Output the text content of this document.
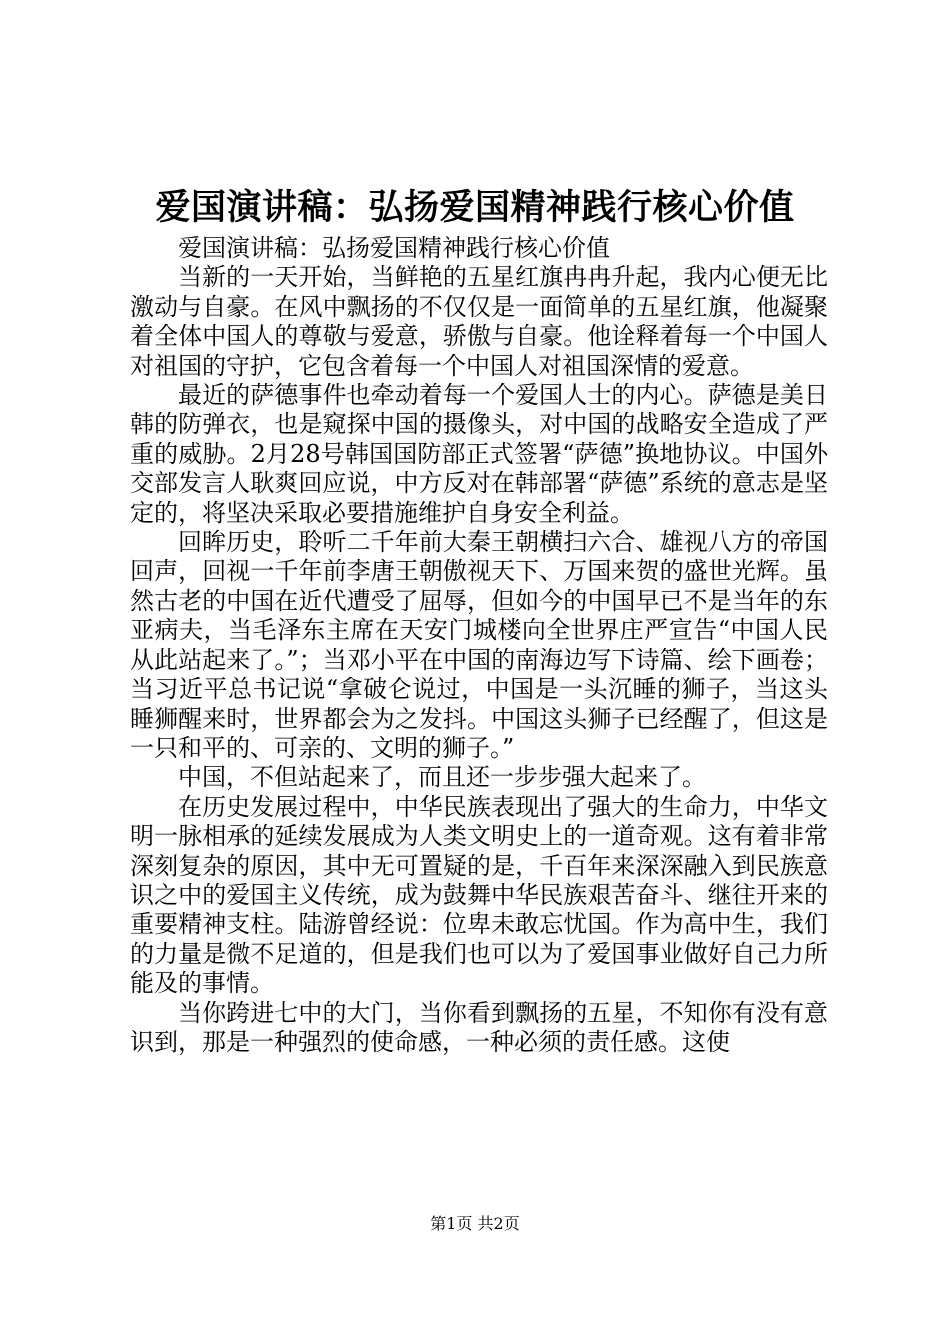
爱国演讲稿：弘扬爱国精神践行核心价值

爱国演讲稿：弘扬爱国精神践行核心价值

当新的一天开始，当鲜艳的五星红旗冉冉升起，我内心便无比激动与自豪。在风中飘扬的不仅仅是一面简单的五星红旗，他凝聚着全体中国人的尊敬与爱意，骄傲与自豪。他诠释着每一个中国人对祖国的守护，它包含着每一个中国人对祖国深情的爱意。

最近的萨德事件也牵动着每一个爱国人士的内心。萨德是美日韩的防弹衣，也是窥探中国的摄像头，对中国的战略安全造成了严重的威胁。2月28号韩国国防部正式签署“萨德”换地协议。中国外交部发言人耿爽回应说，中方反对在韩部署“萨德”系统的意志是坚定的，将坚决采取必要措施维护自身安全利益。

回眸历史，聆听二千年前大秦王朝横扫六合、雄视八方的帝国回声，回视一千年前李唐王朝傲视天下、万国来贺的盛世光辉。虽然古老的中国在近代遭受了屈辱，但如今的中国早已不是当年的东亚病夫，当毛泽东主席在天安门城楼向全世界庄严宣告“中国人民从此站起来了。”；当邓小平在中国的南海边写下诗篇、绘下画卷；当习近平总书记说“拿破仑说过，中国是一头沉睡的狮子，当这头睡狮醒来时，世界都会为之发抖。中国这头狮子已经醒了，但这是一只和平的、可亲的、文明的狮子。”

中国，不但站起来了，而且还一步步强大起来了。

在历史发展过程中，中华民族表现出了强大的生命力，中华文明一脉相承的延续发展成为人类文明史上的一道奇观。这有着非常深刻复杂的原因，其中无可置疑的是，千百年来深深融入到民族意识之中的爱国主义传统，成为鼓舞中华民族艰苦奋斗、继往开来的重要精神支柱。陆游曾经说：位卑未敢忘忧国。作为高中生，我们的力量是微不足道的，但是我们也可以为了爱国事业做好自己力所能及的事情。

当你跨进七中的大门，当你看到飘扬的五星，不知你有没有意识到，那是一种强烈的使命感，一种必须的责任感。这使

第1页 共2页
